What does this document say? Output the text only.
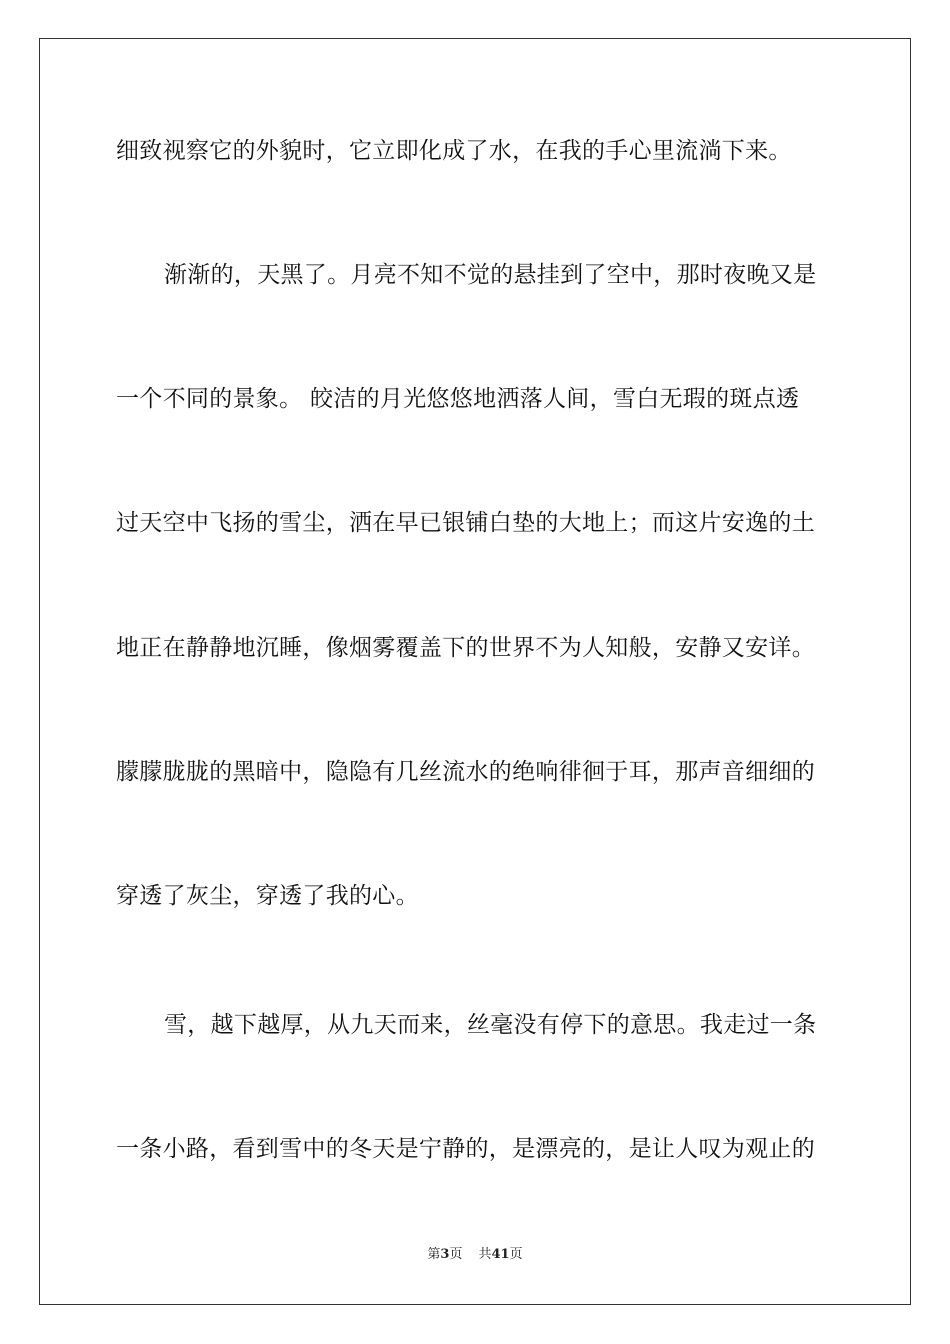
细致视察它的外貌时，它立即化成了水，在我的手心里流淌下来。
渐渐的，天黑了。月亮不知不觉的悬挂到了空中，那时夜晚又是
一个不同的景象。 皎洁的月光悠悠地洒落人间，雪白无瑕的斑点透
过天空中飞扬的雪尘，洒在早已银铺白垫的大地上；而这片安逸的土
地正在静静地沉睡，像烟雾覆盖下的世界不为人知般，安静又安详。
朦朦胧胧的黑暗中，隐隐有几丝流水的绝响徘徊于耳，那声音细细的
穿透了灰尘，穿透了我的心。
雪，越下越厚，从九天而来，丝毫没有停下的意思。我走过一条
一条小路，看到雪中的冬天是宁静的，是漂亮的，是让人叹为观止的
第3页 共41页
